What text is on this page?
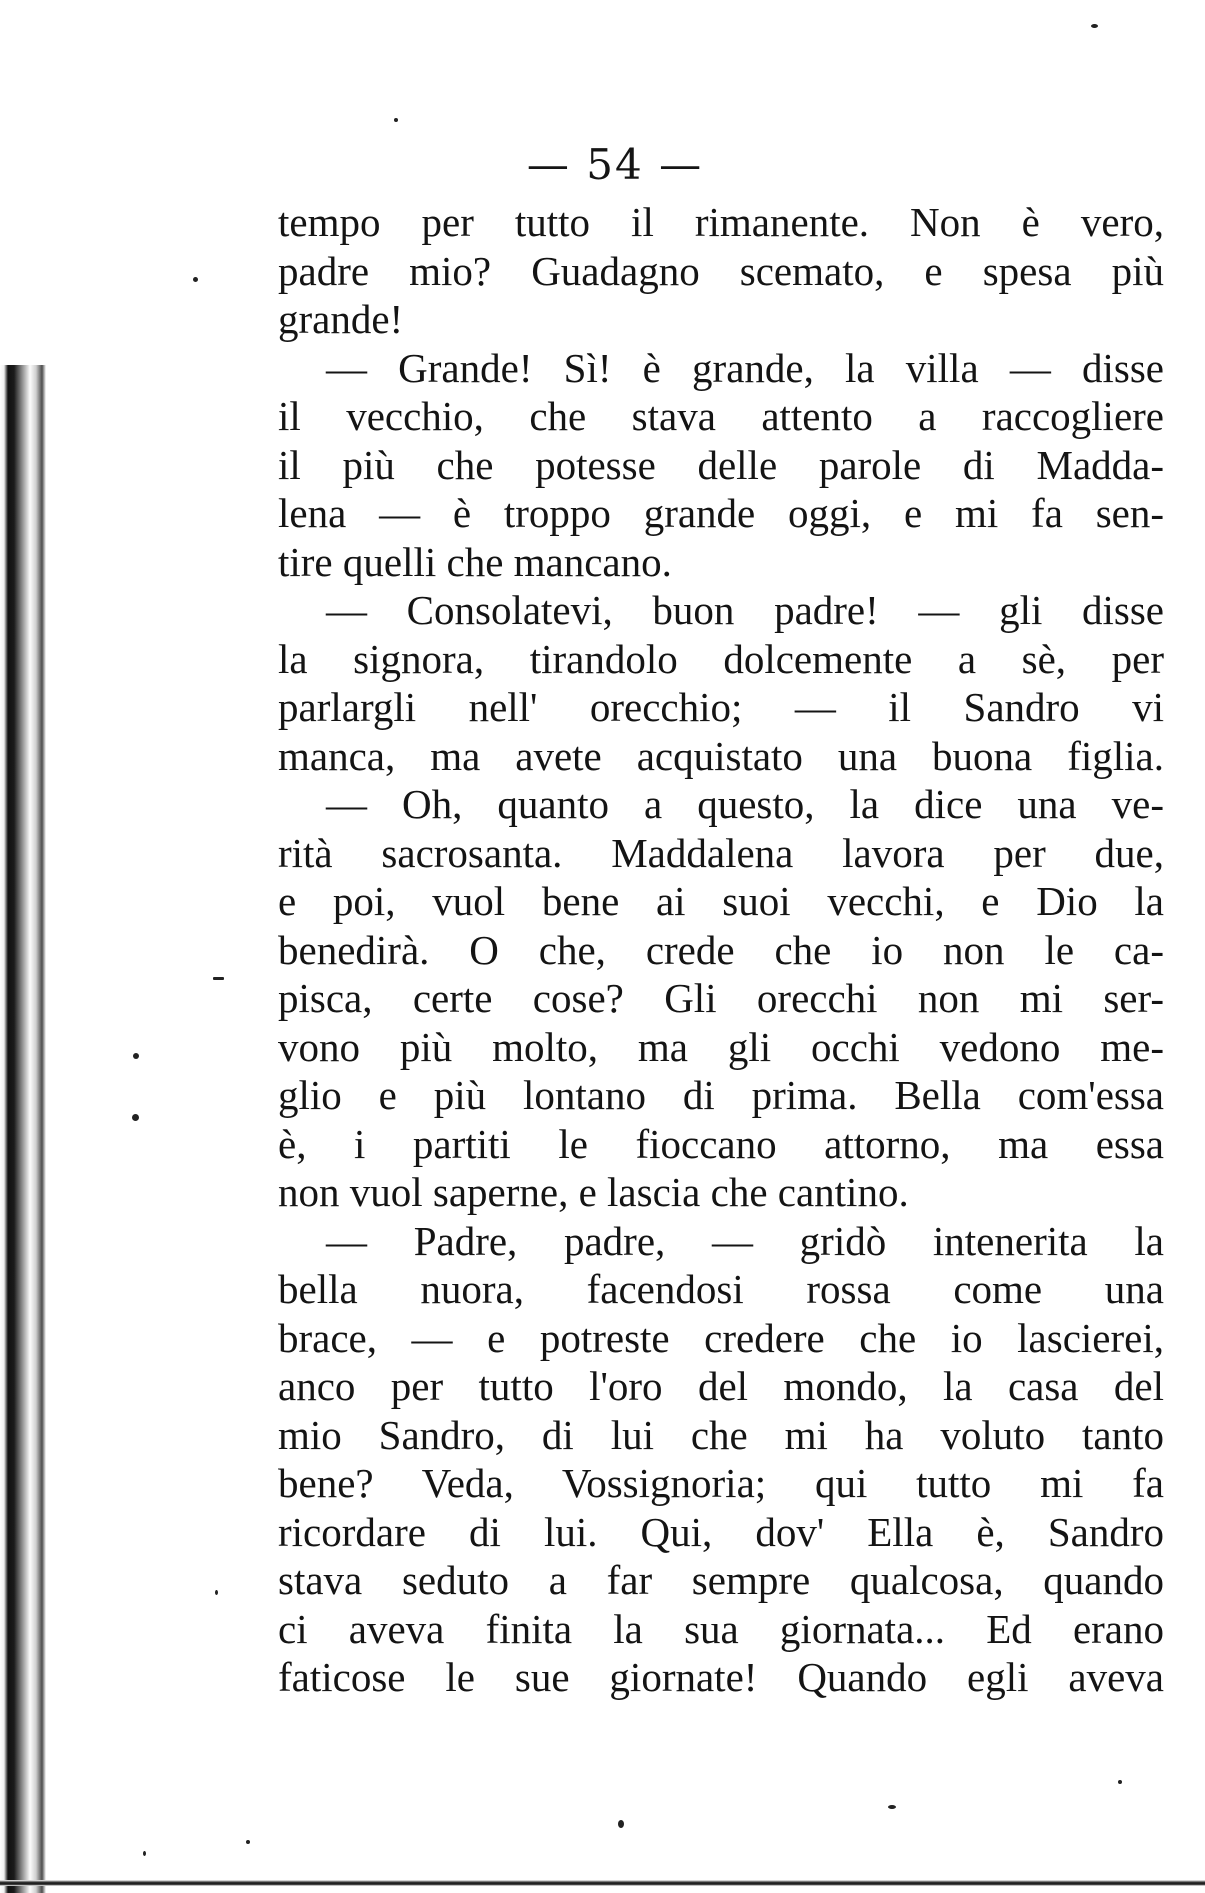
— 54 —
tempo per tutto il rimanente. Non è vero,
padre mio? Guadagno scemato, e spesa più
grande!
— Grande! Sì! è grande, la villa — disse
il vecchio, che stava attento a raccogliere
il più che potesse delle parole di Madda-
lena — è troppo grande oggi, e mi fa sen-
tire quelli che mancano.
— Consolatevi, buon padre! — gli disse
la signora, tirandolo dolcemente a sè, per
parlargli nell' orecchio; — il Sandro vi
manca, ma avete acquistato una buona figlia.
— Oh, quanto a questo, la dice una ve-
rità sacrosanta. Maddalena lavora per due,
e poi, vuol bene ai suoi vecchi, e Dio la
benedirà. O che, crede che io non le ca-
pisca, certe cose? Gli orecchi non mi ser-
vono più molto, ma gli occhi vedono me-
glio e più lontano di prima. Bella com'essa
è, i partiti le fioccano attorno, ma essa
non vuol saperne, e lascia che cantino.
— Padre, padre, — gridò intenerita la
bella nuora, facendosi rossa come una
brace, — e potreste credere che io lascierei,
anco per tutto l'oro del mondo, la casa del
mio Sandro, di lui che mi ha voluto tanto
bene? Veda, Vossignoria; qui tutto mi fa
ricordare di lui. Qui, dov' Ella è, Sandro
stava seduto a far sempre qualcosa, quando
ci aveva finita la sua giornata... Ed erano
faticose le sue giornate! Quando egli aveva
